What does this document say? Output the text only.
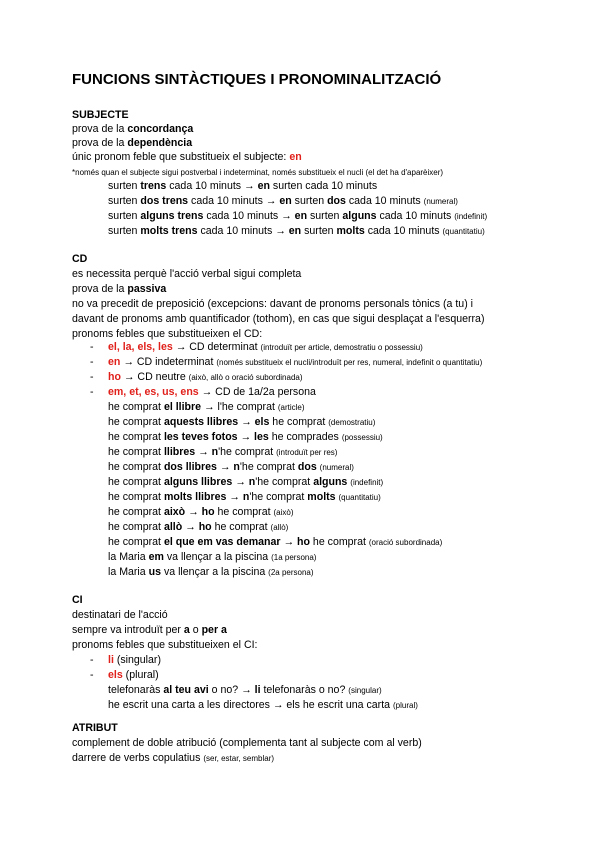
FUNCIONS SINTÀCTIQUES I PRONOMINALITZACIÓ
SUBJECTE
prova de la concordança
prova de la dependència
únic pronom feble que substitueix el subjecte: en
*només quan el subjecte sigui postverbal i indeterminat, només substitueix el nucli (el det ha d'aparèixer)
surten trens cada 10 minuts → en surten cada 10 minuts
surten dos trens cada 10 minuts → en surten dos cada 10 minuts (numeral)
surten alguns trens cada 10 minuts → en surten alguns cada 10 minuts (indefinit)
surten molts trens cada 10 minuts → en surten molts cada 10 minuts (quantitatiu)
CD
es necessita perquè l'acció verbal sigui completa
prova de la passiva
no va precedit de preposició (excepcions: davant de pronoms personals tònics (a tu) i
davant de pronoms amb quantificador (tothom), en cas que sigui desplaçat a l'esquerra)
pronoms febles que substitueixen el CD:
- el, la, els, les → CD determinat (introduït per article, demostratiu o possessiu)
- en → CD indeterminat (només substitueix el nucli/introduït per res, numeral, indefinit o quantitatiu)
- ho → CD neutre (això, allò o oració subordinada)
- em, et, es, us, ens → CD de 1a/2a persona
he comprat el llibre → l'he comprat (article)
he comprat aquests llibres → els he comprat (demostratiu)
he comprat les teves fotos → les he comprades (possessiu)
he comprat llibres → n'he comprat (introduït per res)
he comprat dos llibres → n'he comprat dos (numeral)
he comprat alguns llibres → n'he comprat alguns (indefinit)
he comprat molts llibres → n'he comprat molts (quantitatiu)
he comprat això → ho he comprat (això)
he comprat allò → ho he comprat (allò)
he comprat el que em vas demanar → ho he comprat (oració subordinada)
la Maria em va llençar a la piscina (1a persona)
la Maria us va llençar a la piscina (2a persona)
CI
destinatari de l'acció
sempre va introduït per a o per a
pronoms febles que substitueixen el CI:
- li (singular)
- els (plural)
telefonaràs al teu avi o no? → li telefonaràs o no? (singular)
he escrit una carta a les directores → els he escrit una carta (plural)
ATRIBUT
complement de doble atribució (complementa tant al subjecte com al verb)
darrere de verbs copulatius (ser, estar, semblar)
